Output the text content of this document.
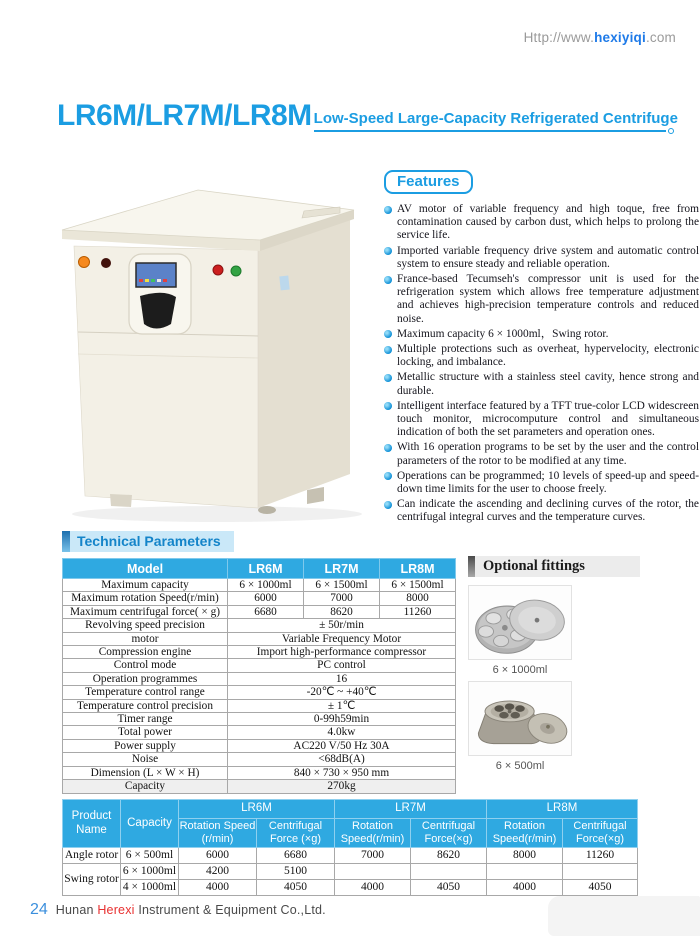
Http://www.hexiyiqi.com
LR6M/LR7M/LR8M Low-Speed Large-Capacity Refrigerated Centrifuge
Features
AV motor of variable frequency and high toque, free from contamination caused by carbon dust, which helps to prolong the service life.
Imported variable frequency drive system and automatic control system to ensure steady and reliable operation.
France-based Tecumseh's compressor unit is used for the refrigeration system which allows free temperature adjustment and achieves high-precision temperature controls and reduced noise.
Maximum capacity 6 × 1000ml，Swing rotor.
Multiple protections such as overheat, hypervelocity, electronic locking, and imbalance.
Metallic structure with a stainless steel cavity, hence strong and durable.
Intelligent interface featured by a TFT true-color LCD widescreen touch monitor, microcomputure control and simultaneous indication of both the set parameters and operation ones.
With 16 operation programs to be set by the user and the control parameters of the rotor to be modified at any time.
Operations can be programmed; 10 levels of speed-up and speed-down time limits for the user to choose freely.
Can indicate the ascending and declining curves of the rotor, the centrifugal integral curves and the temperature curves.
Technical Parameters
Model	LR6M	LR7M	LR8M
Maximum capacity	6 × 1000ml	6 × 1500ml	6 × 1500ml
Maximum rotation Speed(r/min)	6000	7000	8000
Maximum centrifugal force( × g)	6680	8620	11260
Revolving speed precision	± 50r/min		
motor	Variable Frequency Motor		
Compression engine	Import high-performance compressor		
Control mode	PC control		
Operation programmes	16		
Temperature control range	-20℃ ~ +40℃		
Temperature control precision	± 1℃		
Timer range	0-99h59min		
Total power	4.0kw		
Power supply	AC220 V/50 Hz 30A		
Noise	<68dB(A)		
Dimension (L × W × H)	840 × 730 × 950 mm		
Capacity	270kg		
Optional fittings
6 × 1000ml
6 × 500ml
Product Name	Capacity	LR6M		LR7M		LR8M	
		Rotation Speed (r/min)	Centrifugal Force (×g)	Rotation Speed(r/min)	Centrifugal Force(×g)	Rotation Speed(r/min)	Centrifugal Force(×g)
Angle rotor	6 × 500ml	6000	6680	7000	8620	8000	11260
Swing rotor	6 × 1000ml	4200	5100				
	4 × 1000ml	4000	4050	4000	4050	4000	4050
24 Hunan Herexi Instrument & Equipment Co.,Ltd.
